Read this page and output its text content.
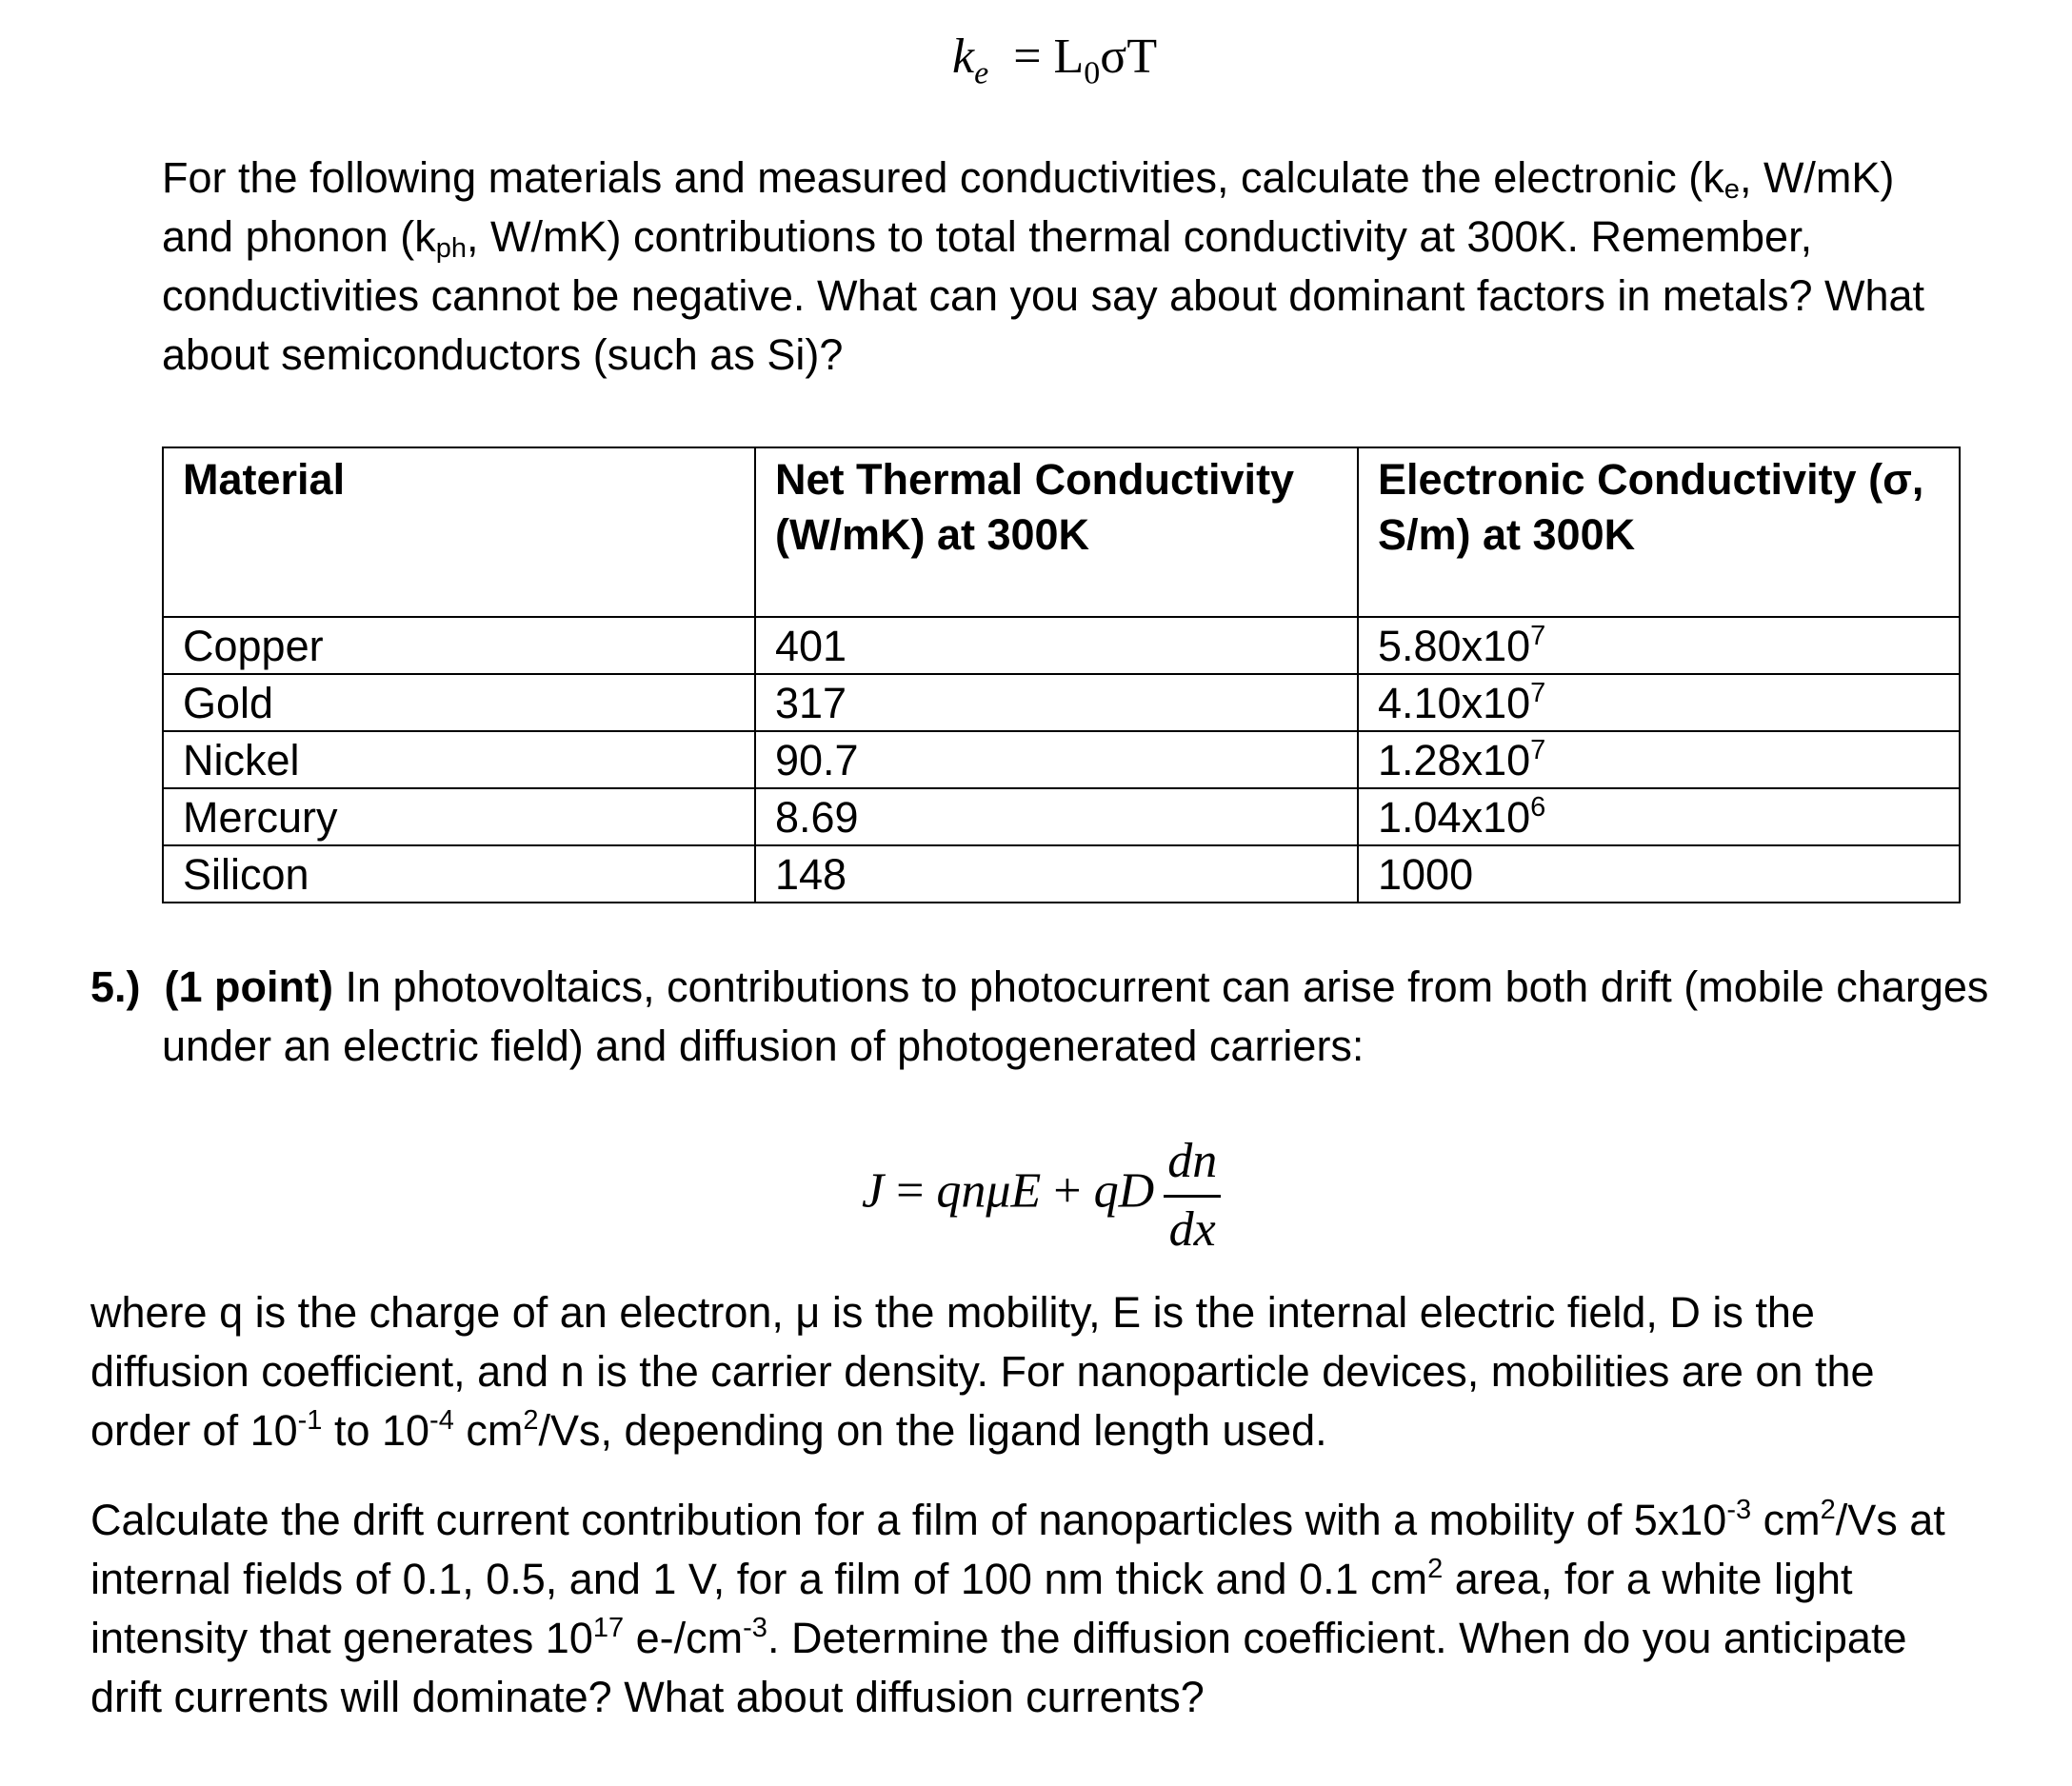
$k_e = L_0\sigma T$

For the following materials and measured conductivities, calculate the electronic ($k_e$, W/mK) and phonon ($k_{ph}$, W/mK) contributions to total thermal conductivity at 300K. Remember, conductivities cannot be negative. What can you say about dominant factors in metals? What about semiconductors (such as Si)?

Material	Net Thermal Conductivity (W/mK) at 300K	Electronic Conductivity (σ, S/m) at 300K
Copper	401	$5.80x10^7$
Gold	317	$4.10x10^7$
Nickel	90.7	$1.28x10^7$
Mercury	8.69	$1.04x10^6$
Silicon	148	1000

5.) (1 point) In photovoltaics, contributions to photocurrent can arise from both drift (mobile charges under an electric field) and diffusion of photogenerated carriers:

J = qnμE + qD $\frac{dn}{dx}$

where q is the charge of an electron, μ is the mobility, E is the internal electric field, D is the diffusion coefficient, and n is the carrier density. For nanoparticle devices, mobilities are on the order of $10^{-1}$ to $10^{-4}$ $cm^2/Vs$, depending on the ligand length used.

Calculate the drift current contribution for a film of nanoparticles with a mobility of $5x10^{-3}$ $cm^2/Vs$ at internal fields of 0.1, 0.5, and 1 V, for a film of 100 nm thick and 0.1 $cm^2$ area, for a white light intensity that generates $10^{17}$ $e-/cm^{-3}$. Determine the diffusion coefficient. When do you anticipate drift currents will dominate? What about diffusion currents?
